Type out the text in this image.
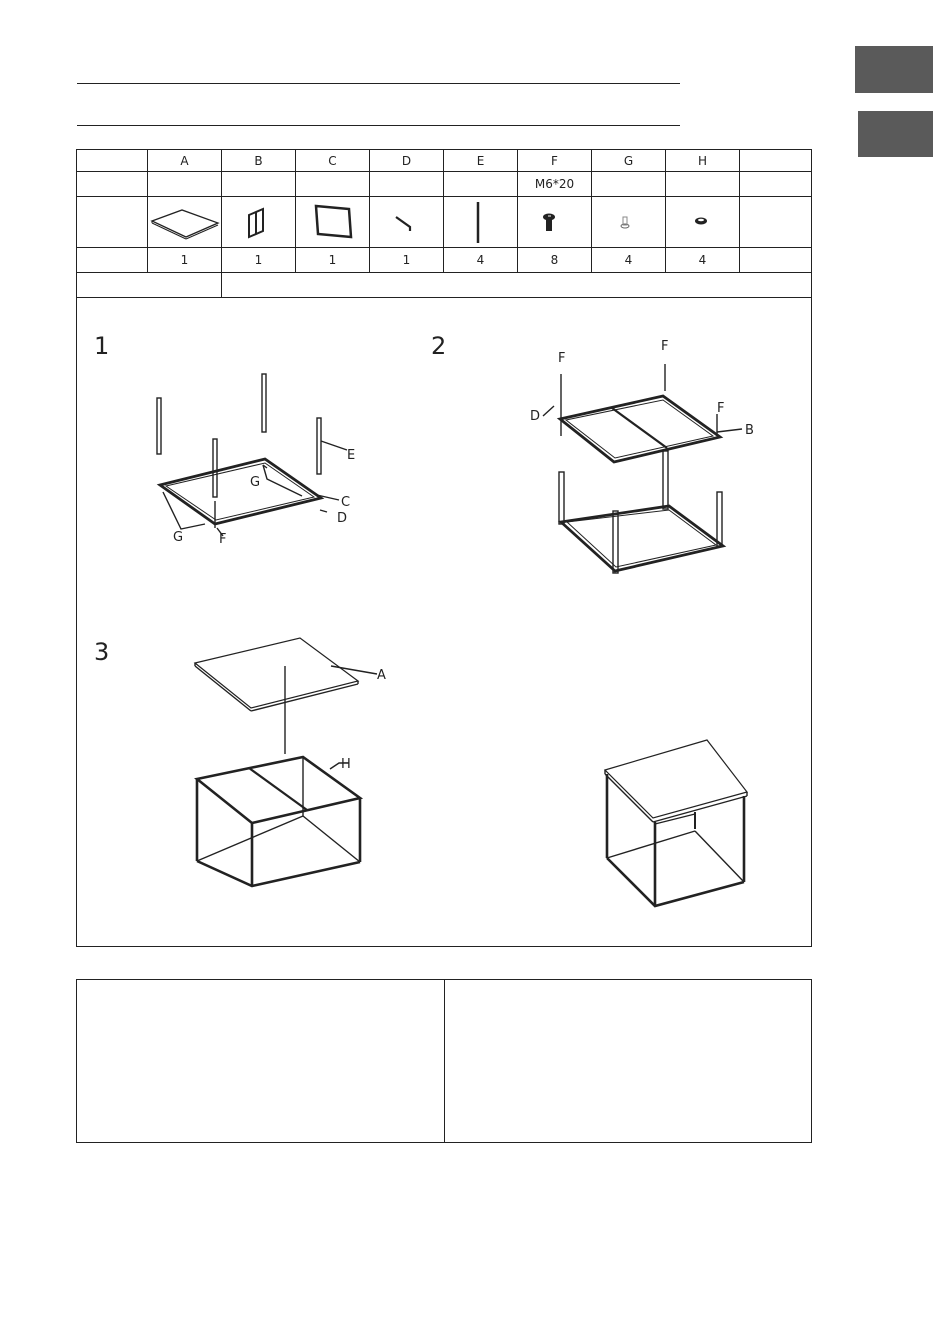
	A	B	C	D	E	F	G	H	
						M6*20			

	1	1	1	1	4	8	4	4	

1	2
3
E
G
C
D
G	F
F
F
D
F
B
A
H
